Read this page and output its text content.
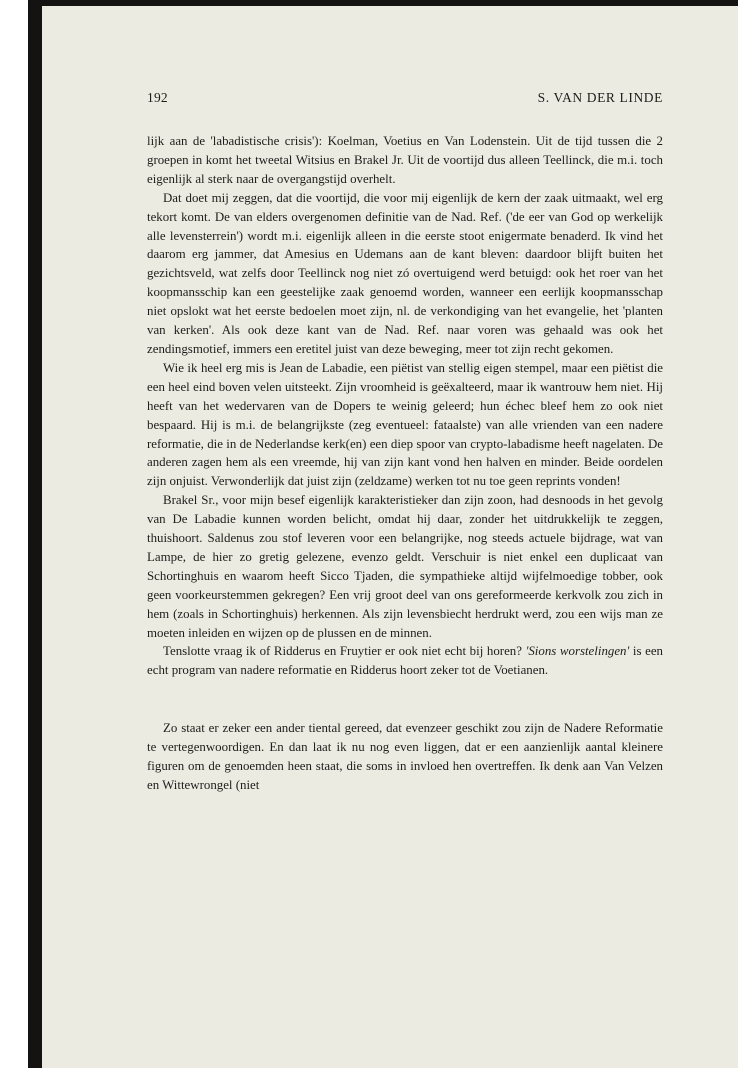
192	S. VAN DER LINDE

lijk aan de 'labadistische crisis'): Koelman, Voetius en Van Lodenstein. Uit de tijd tussen die 2 groepen in komt het tweetal Witsius en Brakel Jr. Uit de voortijd dus alleen Teellinck, die m.i. toch eigenlijk al sterk naar de overgangstijd overhelt.

Dat doet mij zeggen, dat die voortijd, die voor mij eigenlijk de kern der zaak uitmaakt, wel erg tekort komt. De van elders overgenomen definitie van de Nad. Ref. ('de eer van God op werkelijk alle levensterrein') wordt m.i. eigenlijk alleen in die eerste stoot enigermate benaderd. Ik vind het daarom erg jammer, dat Amesius en Udemans aan de kant bleven: daardoor blijft buiten het gezichtsveld, wat zelfs door Teellinck nog niet zó overtuigend werd betuigd: ook het roer van het koopmansschip kan een geestelijke zaak genoemd worden, wanneer een eerlijk koopmansschap niet opslokt wat het eerste bedoelen moet zijn, nl. de verkondiging van het evangelie, het 'planten van kerken'. Als ook deze kant van de Nad. Ref. naar voren was gehaald was ook het zendingsmotief, immers een eretitel juist van deze beweging, meer tot zijn recht gekomen.

Wie ik heel erg mis is Jean de Labadie, een piëtist van stellig eigen stempel, maar een piëtist die een heel eind boven velen uitsteekt. Zijn vroomheid is geëxalteerd, maar ik wantrouw hem niet. Hij heeft van het wedervaren van de Dopers te weinig geleerd; hun échec bleef hem zo ook niet bespaard. Hij is m.i. de belangrijkste (zeg eventueel: fataalste) van alle vrienden van een nadere reformatie, die in de Nederlandse kerk(en) een diep spoor van crypto-labadisme heeft nagelaten. De anderen zagen hem als een vreemde, hij van zijn kant vond hen halven en minder. Beide oordelen zijn onjuist. Verwonderlijk dat juist zijn (zeldzame) werken tot nu toe geen reprints vonden!

Brakel Sr., voor mijn besef eigenlijk karakteristieker dan zijn zoon, had desnoods in het gevolg van De Labadie kunnen worden belicht, omdat hij daar, zonder het uitdrukkelijk te zeggen, thuishoort. Saldenus zou stof leveren voor een belangrijke, nog steeds actuele bijdrage, wat van Lampe, de hier zo gretig gelezene, evenzo geldt. Verschuir is niet enkel een duplicaat van Schortinghuis en waarom heeft Sicco Tjaden, die sympathieke altijd wijfelmoedige tobber, ook geen voorkeurstemmen gekregen? Een vrij groot deel van ons gereformeerde kerkvolk zou zich in hem (zoals in Schortinghuis) herkennen. Als zijn levensbiecht herdrukt werd, zou een wijs man ze moeten inleiden en wijzen op de plussen en de minnen.

Tenslotte vraag ik of Ridderus en Fruytier er ook niet echt bij horen? 'Sions worstelingen' is een echt program van nadere reformatie en Ridderus hoort zeker tot de Voetianen.

Zo staat er zeker een ander tiental gereed, dat evenzeer geschikt zou zijn de Nadere Reformatie te vertegenwoordigen. En dan laat ik nu nog even liggen, dat er een aanzienlijk aantal kleinere figuren om de genoemden heen staat, die soms in invloed hen overtreffen. Ik denk aan Van Velzen en Wittewrongel (niet
